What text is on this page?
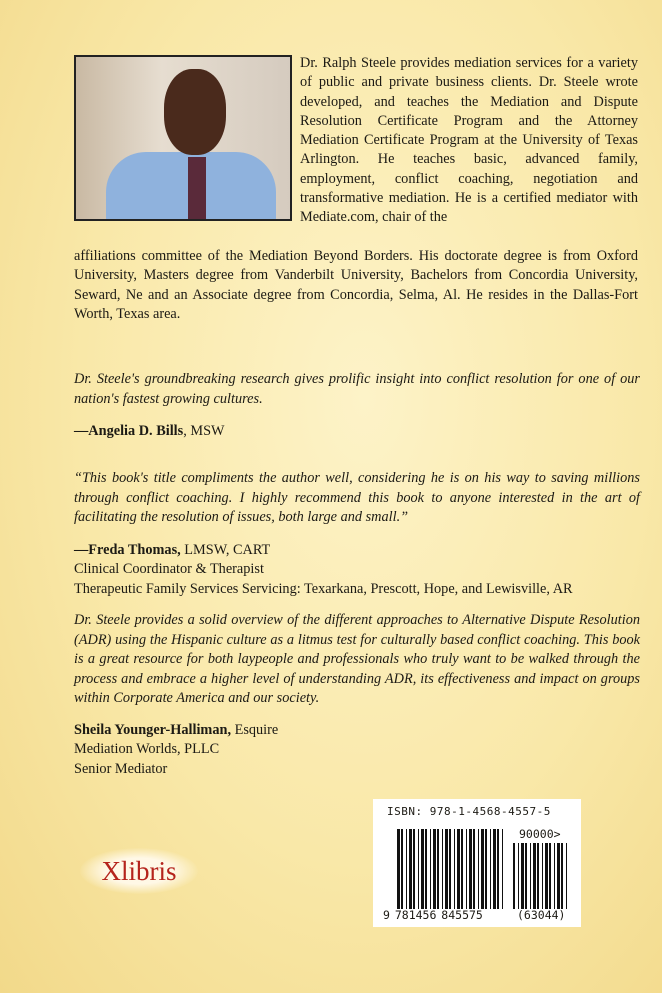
Dr. Ralph Steele provides mediation services for a variety of public and private business clients. Dr. Steele wrote developed, and teaches the Mediation and Dispute Resolution Certificate Program and the Attorney Mediation Certificate Program at the University of Texas Arlington. He teaches basic, advanced family, employment, conflict coaching, negotiation and transformative mediation. He is a certified mediator with Mediate.com, chair of the
affiliations committee of the Mediation Beyond Borders. His doctorate degree is from Oxford University, Masters degree from Vanderbilt University, Bachelors from Concordia University, Seward, Ne and an Associate degree from Concordia, Selma, Al. He resides in the Dallas-Fort Worth, Texas area.
Dr. Steele's groundbreaking research gives prolific insight into conflict resolution for one of our nation's fastest growing cultures.
—Angelia D. Bills, MSW
“This book's title compliments the author well, considering he is on his way to saving millions through conflict coaching. I highly recommend this book to anyone interested in the art of facilitating the resolution of issues, both large and small.”
—Freda Thomas, LMSW, CART
Clinical Coordinator & Therapist
Therapeutic Family Services Servicing: Texarkana, Prescott, Hope, and Lewisville, AR
Dr. Steele provides a solid overview of the different approaches to Alternative Dispute Resolution (ADR) using the Hispanic culture as a litmus test for culturally based conflict coaching. This book is a great resource for both laypeople and professionals who truly want to be walked through the process and embrace a higher level of understanding ADR, its effectiveness and impact on groups within Corporate America and our society.
Sheila Younger-Halliman, Esquire
Mediation Worlds, PLLC
Senior Mediator
Xlibris
ISBN: 978-1-4568-4557-5
90000>
9 781456 845575	(63044)
